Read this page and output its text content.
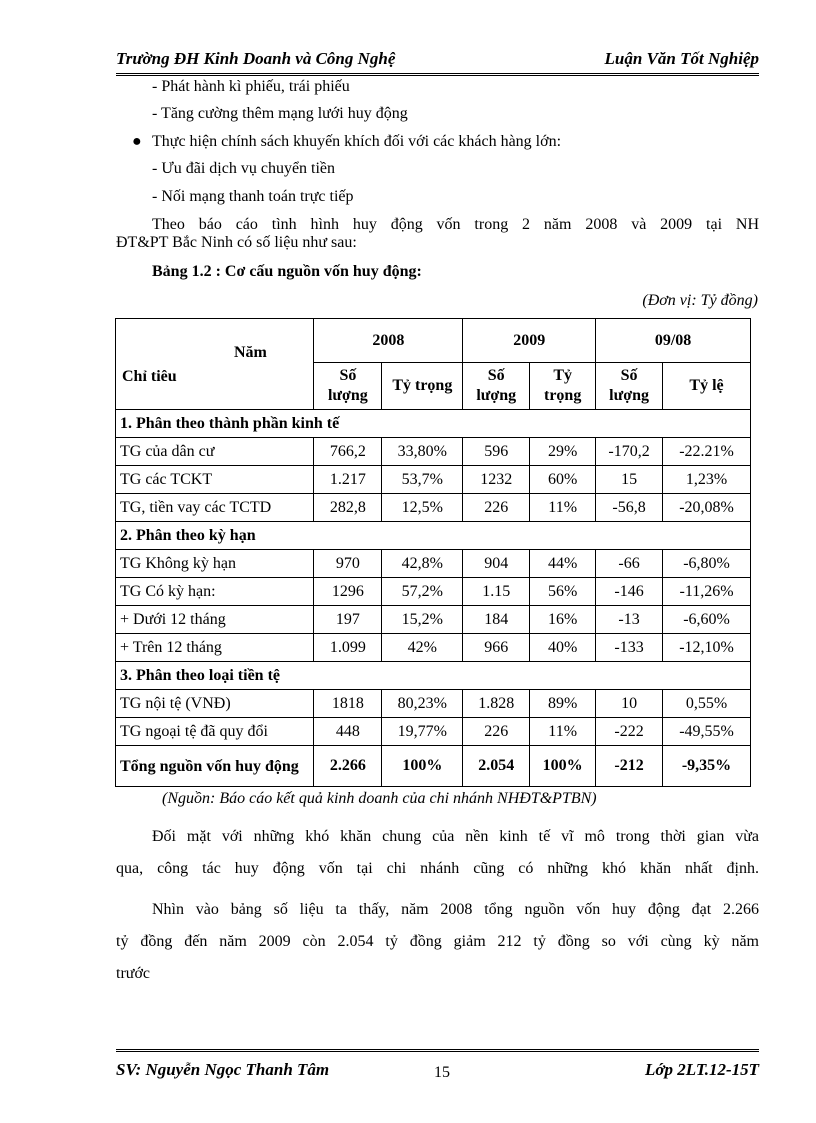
Trường ĐH Kinh Doanh và Công Nghệ	Luận Văn Tốt Nghiệp
- Phát hành kì phiếu, trái phiếu
- Tăng cường thêm mạng lưới huy động
● Thực hiện chính sách khuyến khích đối với các khách hàng lớn:
- Ưu đãi dịch vụ chuyển tiền
- Nối mạng thanh toán trực tiếp
Theo báo cáo tình hình huy động vốn trong 2 năm 2008 và 2009 tại NH
ĐT&PT Bắc Ninh có số liệu như sau:
Bảng 1.2 : Cơ cấu nguồn vốn huy động:
(Đơn vị: Tỷ đồng)
Năm
Chỉ tiêu	2008		2009		09/08	
	Số lượng	Tỷ trọng	Số lượng	Tỷ trọng	Số lượng	Tỷ lệ
1. Phân theo thành phần kinh tế						
TG của dân cư	766,2	33,80%	596	29%	-170,2	-22.21%
TG các TCKT	1.217	53,7%	1232	60%	15	1,23%
TG, tiền vay các TCTD	282,8	12,5%	226	11%	-56,8	-20,08%
2. Phân theo kỳ hạn						
TG Không kỳ hạn	970	42,8%	904	44%	-66	-6,80%
TG Có kỳ hạn:	1296	57,2%	1.15	56%	-146	-11,26%
+ Dưới 12 tháng	197	15,2%	184	16%	-13	-6,60%
+ Trên 12 tháng	1.099	42%	966	40%	-133	-12,10%
3. Phân theo loại tiền tệ						
TG nội tệ (VNĐ)	1818	80,23%	1.828	89%	10	0,55%
TG ngoại tệ đã quy đổi	448	19,77%	226	11%	-222	-49,55%
Tổng nguồn vốn huy động	2.266	100%	2.054	100%	-212	-9,35%
(Nguồn: Báo cáo kết quả kinh doanh của chi nhánh NHĐT&PTBN)
Đối mặt với những khó khăn chung của nền kinh tế vĩ mô trong thời gian vừa
qua, công tác huy động vốn tại chi nhánh cũng có những khó khăn nhất định.
Nhìn vào bảng số liệu ta thấy, năm 2008 tổng nguồn vốn huy động đạt 2.266
tỷ đồng đến năm 2009 còn 2.054 tỷ đồng giảm 212 tỷ đồng so với cùng kỳ năm
trước
SV: Nguyễn Ngọc Thanh Tâm	15	Lớp 2LT.12-15T
